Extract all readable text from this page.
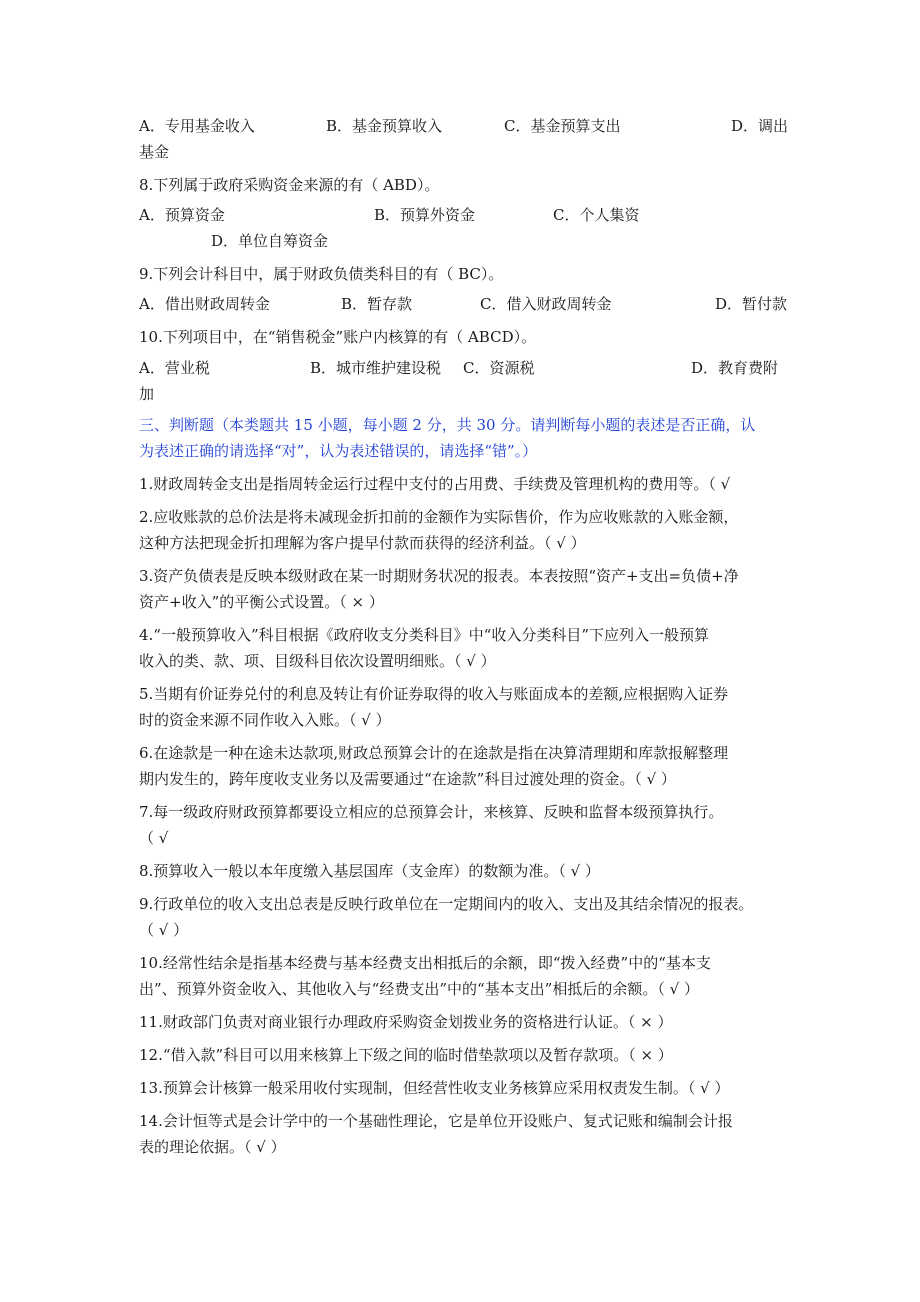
A．专用基金收入	B．基金预算收入	C．基金预算支出	D．调出
基金
8.下列属于政府采购资金来源的有（ ABD）。
A．预算资金	B．预算外资金	C．个人集资
D．单位自筹资金
9.下列会计科目中，属于财政负债类科目的有（ BC）。
A．借出财政周转金	B．暂存款	C．借入财政周转金	D．暂付款
10.下列项目中，在“销售税金”账户内核算的有（ ABCD）。
A．营业税	B．城市维护建设税 C．资源税	D．教育费附
加
三、判断题（本类题共 15 小题，每小题 2 分，共 30 分。请判断每小题的表述是否正确，认
为表述正确的请选择“对”，认为表述错误的，请选择“错”。）
1.财政周转金支出是指周转金运行过程中支付的占用费、手续费及管理机构的费用等。（ √
2.应收账款的总价法是将未减现金折扣前的金额作为实际售价，作为应收账款的入账金额，
这种方法把现金折扣理解为客户提早付款而获得的经济利益。（ √ ）
3.资产负债表是反映本级财政在某一时期财务状况的报表。本表按照“资产+支出=负债+净
资产+收入”的平衡公式设置。（ × ）
4.“一般预算收入”科目根据《政府收支分类科目》中“收入分类科目”下应列入一般预算
收入的类、款、项、目级科目依次设置明细账。（ √ ）
5.当期有价证券兑付的利息及转让有价证券取得的收入与账面成本的差额,应根据购入证券
时的资金来源不同作收入入账。（ √ ）
6.在途款是一种在途未达款项,财政总预算会计的在途款是指在决算清理期和库款报解整理
期内发生的，跨年度收支业务以及需要通过“在途款”科目过渡处理的资金。（ √ ）
7.每一级政府财政预算都要设立相应的总预算会计，来核算、反映和监督本级预算执行。
（ √
8.预算收入一般以本年度缴入基层国库（支金库）的数额为准。（ √ ）
9.行政单位的收入支出总表是反映行政单位在一定期间内的收入、支出及其结余情况的报表。
（ √ ）
10.经常性结余是指基本经费与基本经费支出相抵后的余额，即“拨入经费”中的“基本支
出”、预算外资金收入、其他收入与“经费支出”中的“基本支出”相抵后的余额。（ √ ）
11.财政部门负责对商业银行办理政府采购资金划拨业务的资格进行认证。（ × ）
12.“借入款”科目可以用来核算上下级之间的临时借垫款项以及暂存款项。（ × ）
13.预算会计核算一般采用收付实现制，但经营性收支业务核算应采用权责发生制。（ √ ）
14.会计恒等式是会计学中的一个基础性理论，它是单位开设账户、复式记账和编制会计报
表的理论依据。（ √ ）
